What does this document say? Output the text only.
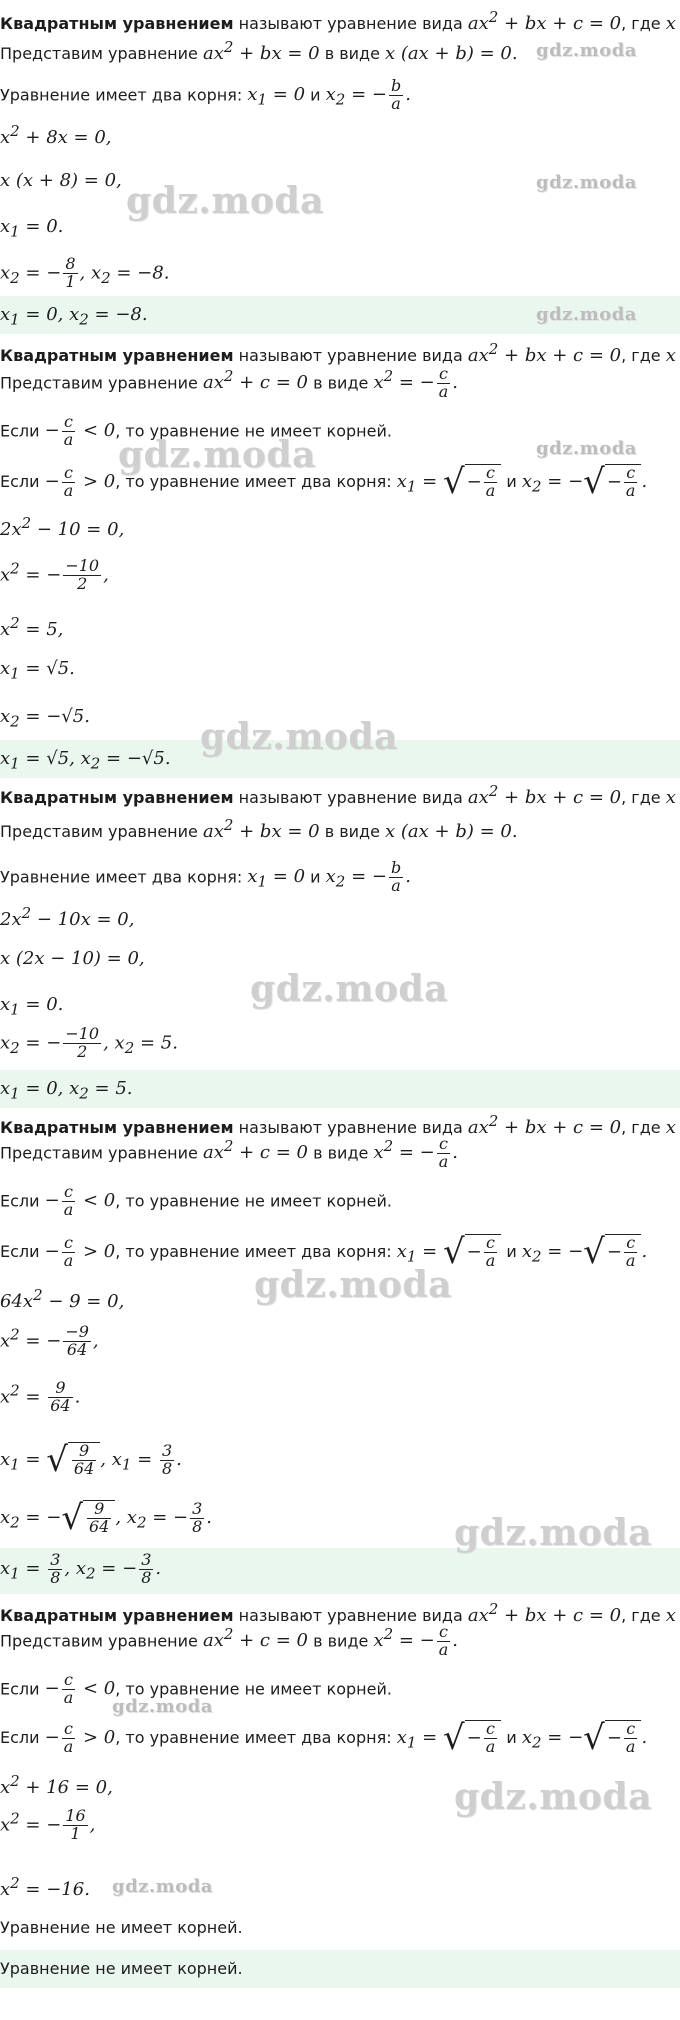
Квадратным уравнением называют уравнение вида $ax^2$ + bx + c = 0, где x
Представим уравнение $ax^2$ + bx = 0 в виде x (ax + b) = 0.
Уравнение имеет два корня: $x_1 = 0$ и $x_2$ = − $\frac{b}{a}$ .
$x^2 + 8x = 0$,
x (x + 8) = 0,
$x_1 = 0$.
$x_2$ = − $\frac{8}{1}$ , $x_2 = -8$.
$x_1 = 0$, $x_2 = -8$.
Квадратным уравнением называют уравнение вида $ax^2$ + bx + c = 0, где x
Представим уравнение $ax^2 + c = 0$ в виде $x^2$ = − $\frac{c}{a}$ .
Если − $\frac{c}{a} < 0$, то уравнение не имеет корней.
Если − $\frac{c}{a} > 0$, то уравнение имеет два корня: $x_1$ = √ − $\frac{c}{a}$ и $x_2$ = −√ − $\frac{c}{a}$ .
$2x^2 - 10 = 0$,
$x^2$ = − $\frac{-10}{2}$ ,
$x^2 = 5$,
$x_1 = √5$.
$x_2 = -√5$.
$x_1 = √5$, $x_2 = -√5$.
Квадратным уравнением называют уравнение вида $ax^2$ + bx + c = 0, где x
Представим уравнение $ax^2$ + bx = 0 в виде x (ax + b) = 0.
Уравнение имеет два корня: $x_1 = 0$ и $x_2$ = − $\frac{b}{a}$ .
$2x^2 - 10x = 0$,
x (2x − 10) = 0,
$x_1 = 0$.
$x_2$ = − $\frac{-10}{2}$ , $x_2 = 5$.
$x_1 = 0$, $x_2 = 5$.
Квадратным уравнением называют уравнение вида $ax^2$ + bx + c = 0, где x
Представим уравнение $ax^2 + c = 0$ в виде $x^2$ = − $\frac{c}{a}$ .
Если − $\frac{c}{a} < 0$, то уравнение не имеет корней.
Если − $\frac{c}{a} > 0$, то уравнение имеет два корня: $x_1$ = √ − $\frac{c}{a}$ и $x_2$ = −√ − $\frac{c}{a}$ .
$64x^2 - 9 = 0$,
$x^2$ = − $\frac{-9}{64}$ ,
$x^2 = \frac{9}{64}$ .
$x_1$ = √ $\frac{9}{64}$ , $x_1 = \frac{3}{8}$ .
$x_2$ = −√ $\frac{9}{64}$ , $x_2$ = − $\frac{3}{8}$ .
$x_1 = \frac{3}{8}$ , $x_2$ = − $\frac{3}{8}$ .
Квадратным уравнением называют уравнение вида $ax^2$ + bx + c = 0, где x
Представим уравнение $ax^2 + c = 0$ в виде $x^2$ = − $\frac{c}{a}$ .
Если − $\frac{c}{a} < 0$, то уравнение не имеет корней.
Если − $\frac{c}{a} > 0$, то уравнение имеет два корня: $x_1$ = √ − $\frac{c}{a}$ и $x_2$ = −√ − $\frac{c}{a}$ .
$x^2 + 16 = 0$,
$x^2$ = − $\frac{16}{1}$ ,
$x^2 = -16$.
Уравнение не имеет корней.
Уравнение не имеет корней.
gdz.moda
gdz.moda	gdz.moda
gdz.moda
gdz.moda	gdz.moda
gdz.moda
gdz.moda
gdz.moda
gdz.moda
gdz.moda
gdz.moda
gdz.moda
